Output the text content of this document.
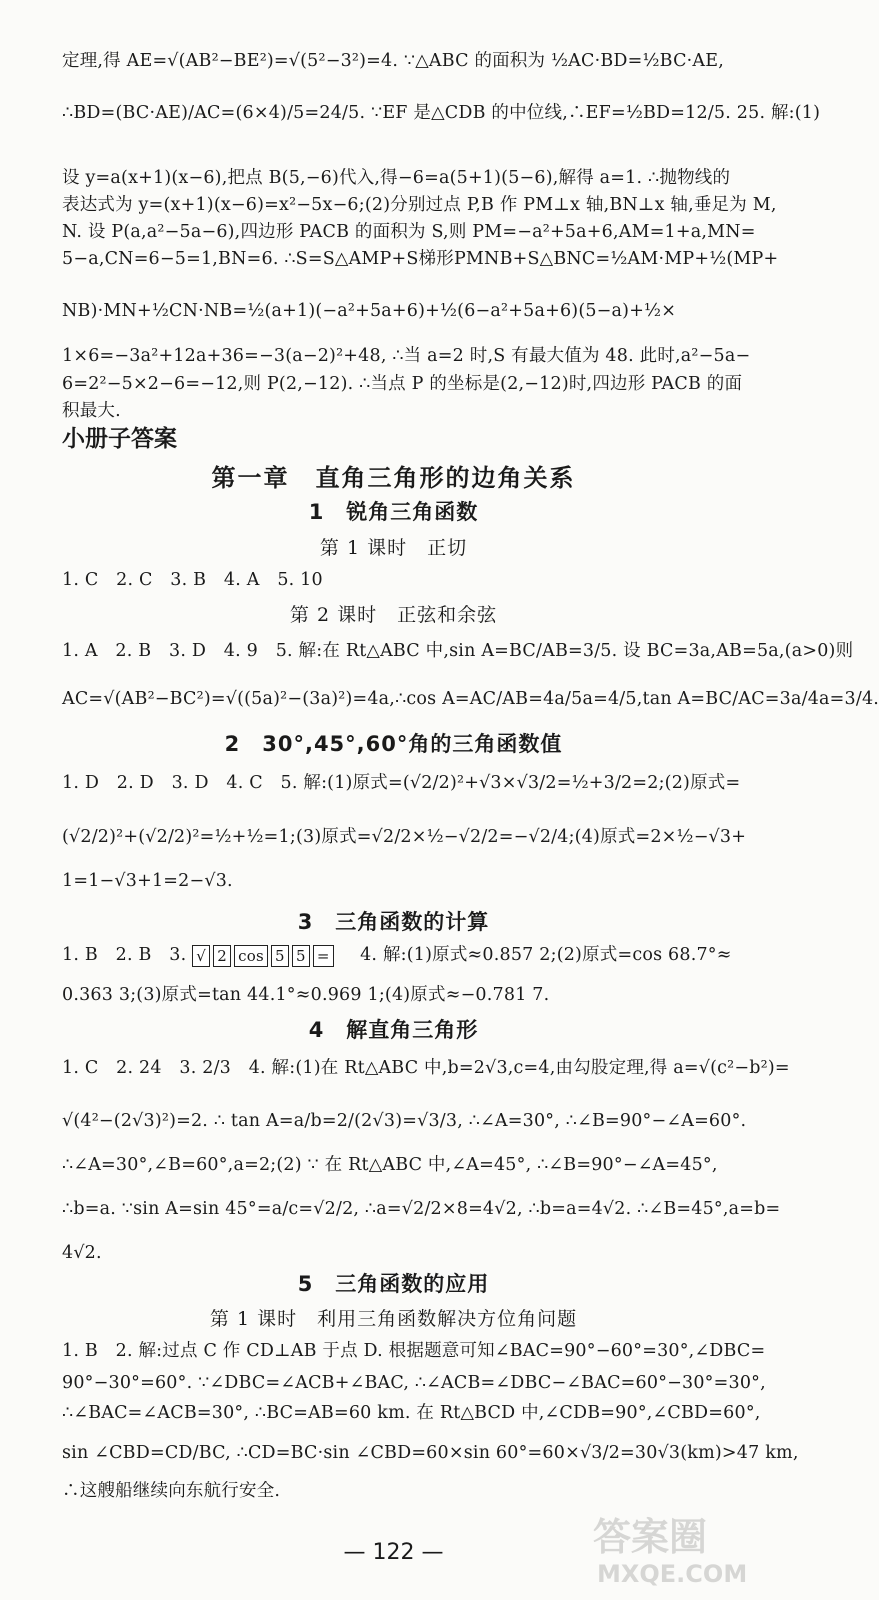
定理,得 AE=√(AB²−BE²)=√(5²−3²)=4. ∵△ABC 的面积为 ½AC·BD=½BC·AE,
∴BD=(BC·AE)/AC=(6×4)/5=24/5. ∵EF 是△CDB 的中位线,∴EF=½BD=12/5. 25. 解:(1)
设 y=a(x+1)(x−6),把点 B(5,−6)代入,得−6=a(5+1)(5−6),解得 a=1. ∴抛物线的
表达式为 y=(x+1)(x−6)=x²−5x−6;(2)分别过点 P,B 作 PM⊥x 轴,BN⊥x 轴,垂足为 M,
N. 设 P(a,a²−5a−6),四边形 PACB 的面积为 S,则 PM=−a²+5a+6,AM=1+a,MN=
5−a,CN=6−5=1,BN=6. ∴S=S△AMP+S梯形PMNB+S△BNC=½AM·MP+½(MP+
NB)·MN+½CN·NB=½(a+1)(−a²+5a+6)+½(6−a²+5a+6)(5−a)+½×
1×6=−3a²+12a+36=−3(a−2)²+48, ∴当 a=2 时,S 有最大值为 48. 此时,a²−5a−
6=2²−5×2−6=−12,则 P(2,−12). ∴当点 P 的坐标是(2,−12)时,四边形 PACB 的面
积最大.
小册子答案
第一章　直角三角形的边角关系
1　锐角三角函数
第 1 课时　正切
1. C　2. C　3. B　4. A　5. 10
第 2 课时　正弦和余弦
1. A　2. B　3. D　4. 9　5. 解:在 Rt△ABC 中,sin A=BC/AB=3/5. 设 BC=3a,AB=5a,(a>0)则
AC=√(AB²−BC²)=√((5a)²−(3a)²)=4a,∴cos A=AC/AB=4a/5a=4/5,tan A=BC/AC=3a/4a=3/4.
2　30°,45°,60°角的三角函数值
1. D　2. D　3. D　4. C　5. 解:(1)原式=(√2/2)²+√3×√3/2=½+3/2=2;(2)原式=
(√2/2)²+(√2/2)²=½+½=1;(3)原式=√2/2×½−√2/2=−√2/4;(4)原式=2×½−√3+
1=1−√3+1=2−√3.
3　三角函数的计算
1. B　2. B　3. √ 2 cos 5 5 = 　4. 解:(1)原式≈0.857 2;(2)原式=cos 68.7°≈
0.363 3;(3)原式=tan 44.1°≈0.969 1;(4)原式≈−0.781 7.
4　解直角三角形
1. C　2. 24　3. 2/3　4. 解:(1)在 Rt△ABC 中,b=2√3,c=4,由勾股定理,得 a=√(c²−b²)=
√(4²−(2√3)²)=2. ∴ tan A=a/b=2/(2√3)=√3/3, ∴∠A=30°, ∴∠B=90°−∠A=60°.
∴∠A=30°,∠B=60°,a=2;(2) ∵ 在 Rt△ABC 中,∠A=45°, ∴∠B=90°−∠A=45°,
∴b=a. ∵sin A=sin 45°=a/c=√2/2, ∴a=√2/2×8=4√2, ∴b=a=4√2. ∴∠B=45°,a=b=
4√2.
5　三角函数的应用
第 1 课时　利用三角函数解决方位角问题
1. B　2. 解:过点 C 作 CD⊥AB 于点 D. 根据题意可知∠BAC=90°−60°=30°,∠DBC=
90°−30°=60°. ∵∠DBC=∠ACB+∠BAC, ∴∠ACB=∠DBC−∠BAC=60°−30°=30°,
∴∠BAC=∠ACB=30°, ∴BC=AB=60 km. 在 Rt△BCD 中,∠CDB=90°,∠CBD=60°,
sin ∠CBD=CD/BC, ∴CD=BC·sin ∠CBD=60×sin 60°=60×√3/2=30√3(km)>47 km,
∴这艘船继续向东航行安全.
— 122 —	答案圈
MXQE.COM
